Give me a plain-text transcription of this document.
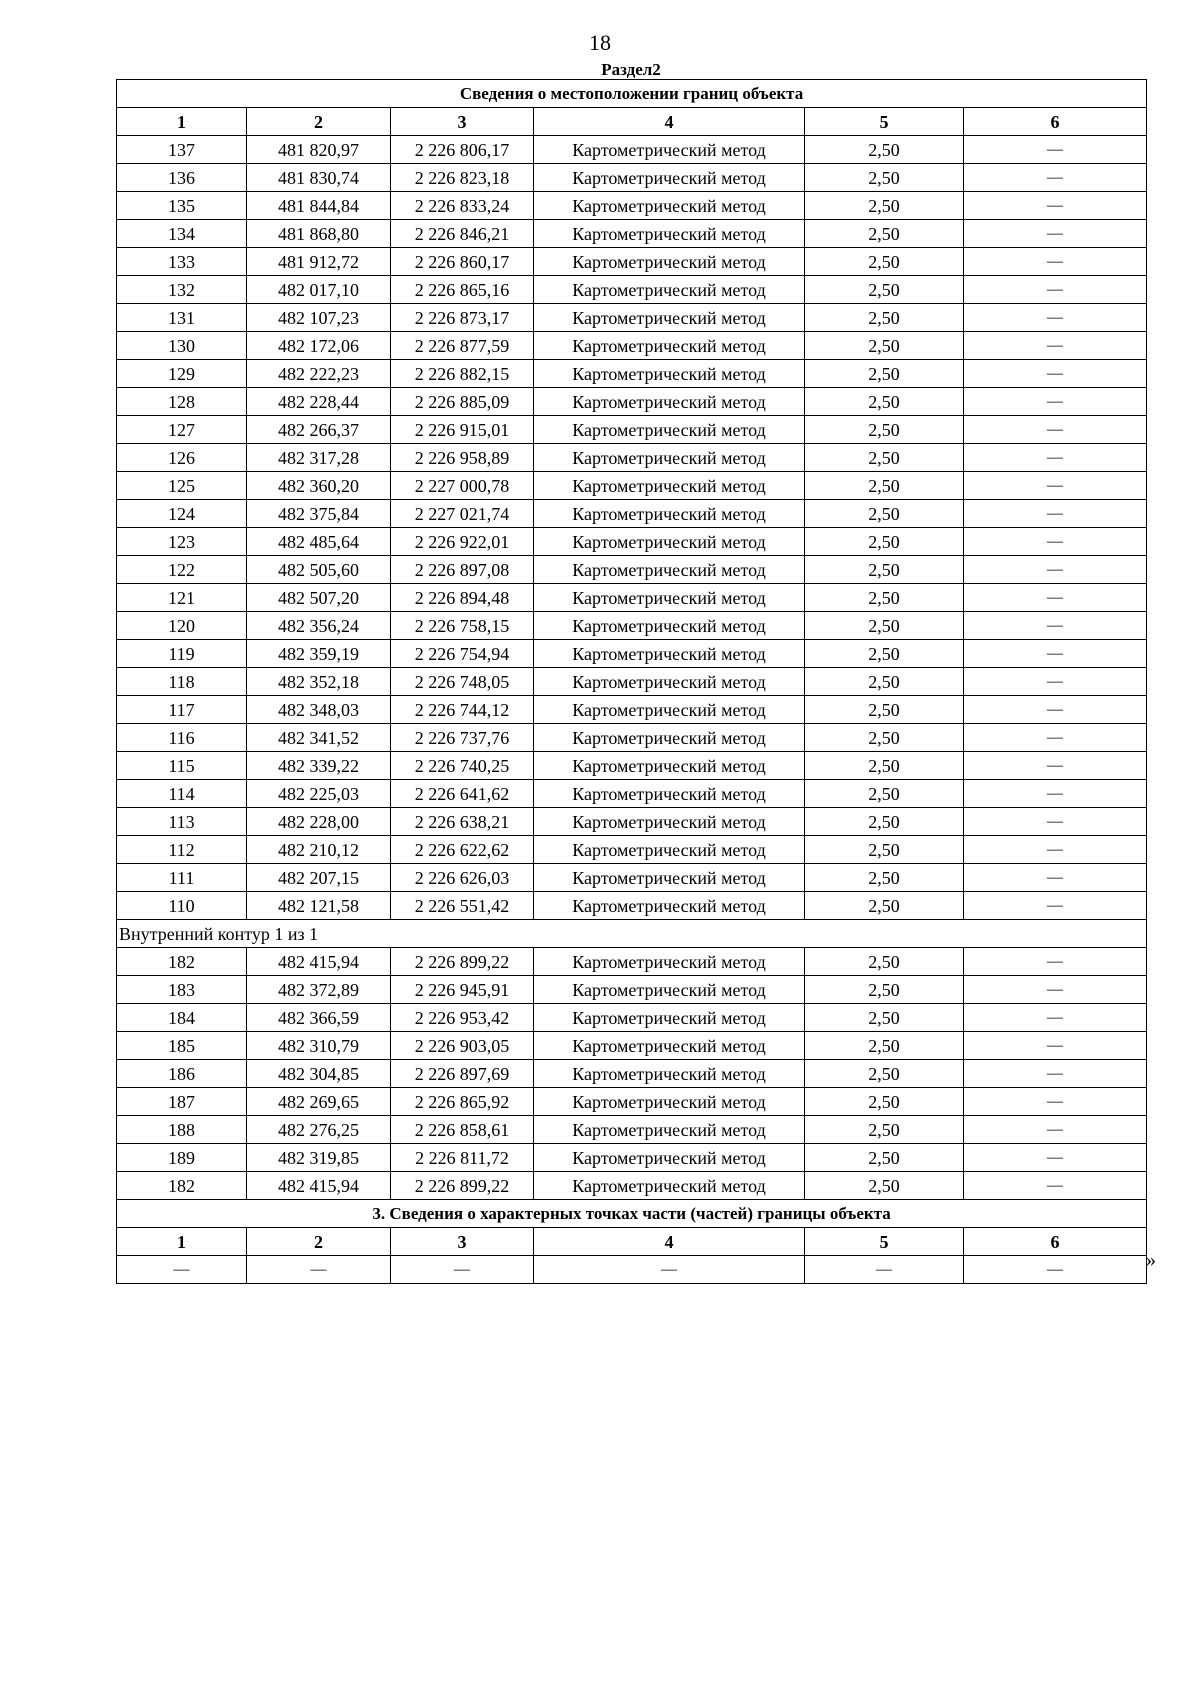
18
Раздел2
Сведения о местоположении границ объекта					
1	2	3	4	5	6
137	481 820,97	2 226 806,17	Картометрический метод	2,50	—
136	481 830,74	2 226 823,18	Картометрический метод	2,50	—
135	481 844,84	2 226 833,24	Картометрический метод	2,50	—
134	481 868,80	2 226 846,21	Картометрический метод	2,50	—
133	481 912,72	2 226 860,17	Картометрический метод	2,50	—
132	482 017,10	2 226 865,16	Картометрический метод	2,50	—
131	482 107,23	2 226 873,17	Картометрический метод	2,50	—
130	482 172,06	2 226 877,59	Картометрический метод	2,50	—
129	482 222,23	2 226 882,15	Картометрический метод	2,50	—
128	482 228,44	2 226 885,09	Картометрический метод	2,50	—
127	482 266,37	2 226 915,01	Картометрический метод	2,50	—
126	482 317,28	2 226 958,89	Картометрический метод	2,50	—
125	482 360,20	2 227 000,78	Картометрический метод	2,50	—
124	482 375,84	2 227 021,74	Картометрический метод	2,50	—
123	482 485,64	2 226 922,01	Картометрический метод	2,50	—
122	482 505,60	2 226 897,08	Картометрический метод	2,50	—
121	482 507,20	2 226 894,48	Картометрический метод	2,50	—
120	482 356,24	2 226 758,15	Картометрический метод	2,50	—
119	482 359,19	2 226 754,94	Картометрический метод	2,50	—
118	482 352,18	2 226 748,05	Картометрический метод	2,50	—
117	482 348,03	2 226 744,12	Картометрический метод	2,50	—
116	482 341,52	2 226 737,76	Картометрический метод	2,50	—
115	482 339,22	2 226 740,25	Картометрический метод	2,50	—
114	482 225,03	2 226 641,62	Картометрический метод	2,50	—
113	482 228,00	2 226 638,21	Картометрический метод	2,50	—
112	482 210,12	2 226 622,62	Картометрический метод	2,50	—
111	482 207,15	2 226 626,03	Картометрический метод	2,50	—
110	482 121,58	2 226 551,42	Картометрический метод	2,50	—
Внутренний контур 1 из 1					
182	482 415,94	2 226 899,22	Картометрический метод	2,50	—
183	482 372,89	2 226 945,91	Картометрический метод	2,50	—
184	482 366,59	2 226 953,42	Картометрический метод	2,50	—
185	482 310,79	2 226 903,05	Картометрический метод	2,50	—
186	482 304,85	2 226 897,69	Картометрический метод	2,50	—
187	482 269,65	2 226 865,92	Картометрический метод	2,50	—
188	482 276,25	2 226 858,61	Картометрический метод	2,50	—
189	482 319,85	2 226 811,72	Картометрический метод	2,50	—
182	482 415,94	2 226 899,22	Картометрический метод	2,50	—
3. Сведения о характерных точках части (частей) границы объекта					
1	2	3	4	5	6
—	—	—	—	—	—	»
